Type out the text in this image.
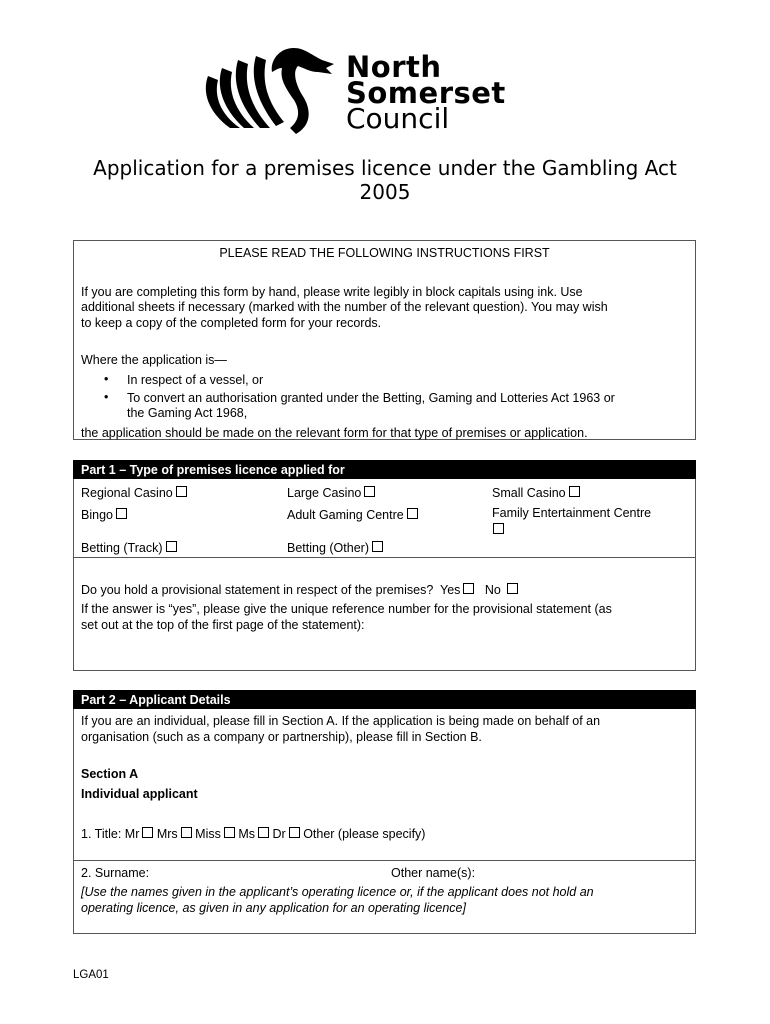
North
Somerset
Council
Application for a premises licence under the Gambling Act
2005
PLEASE READ THE FOLLOWING INSTRUCTIONS FIRST
If you are completing this form by hand, please write legibly in block capitals using ink. Use
additional sheets if necessary (marked with the number of the relevant question). You may wish
to keep a copy of the completed form for your records.
Where the application is—
• In respect of a vessel, or
• To convert an authorisation granted under the Betting, Gaming and Lotteries Act 1963 or
the Gaming Act 1968,
the application should be made on the relevant form for that type of premises or application.
Part 1 – Type of premises licence applied for
Regional Casino	Large Casino	Small Casino
Bingo	Adult Gaming Centre	Family Entertainment Centre
Betting (Track)	Betting (Other)
Do you hold a provisional statement in respect of the premises? Yes No
If the answer is “yes”, please give the unique reference number for the provisional statement (as
set out at the top of the first page of the statement):
Part 2 – Applicant Details
If you are an individual, please fill in Section A. If the application is being made on behalf of an
organisation (such as a company or partnership), please fill in Section B.
Section A
Individual applicant
1. Title: Mr Mrs Miss Ms Dr Other (please specify)
2. Surname:	Other name(s):
[Use the names given in the applicant’s operating licence or, if the applicant does not hold an
operating licence, as given in any application for an operating licence]
LGA01
